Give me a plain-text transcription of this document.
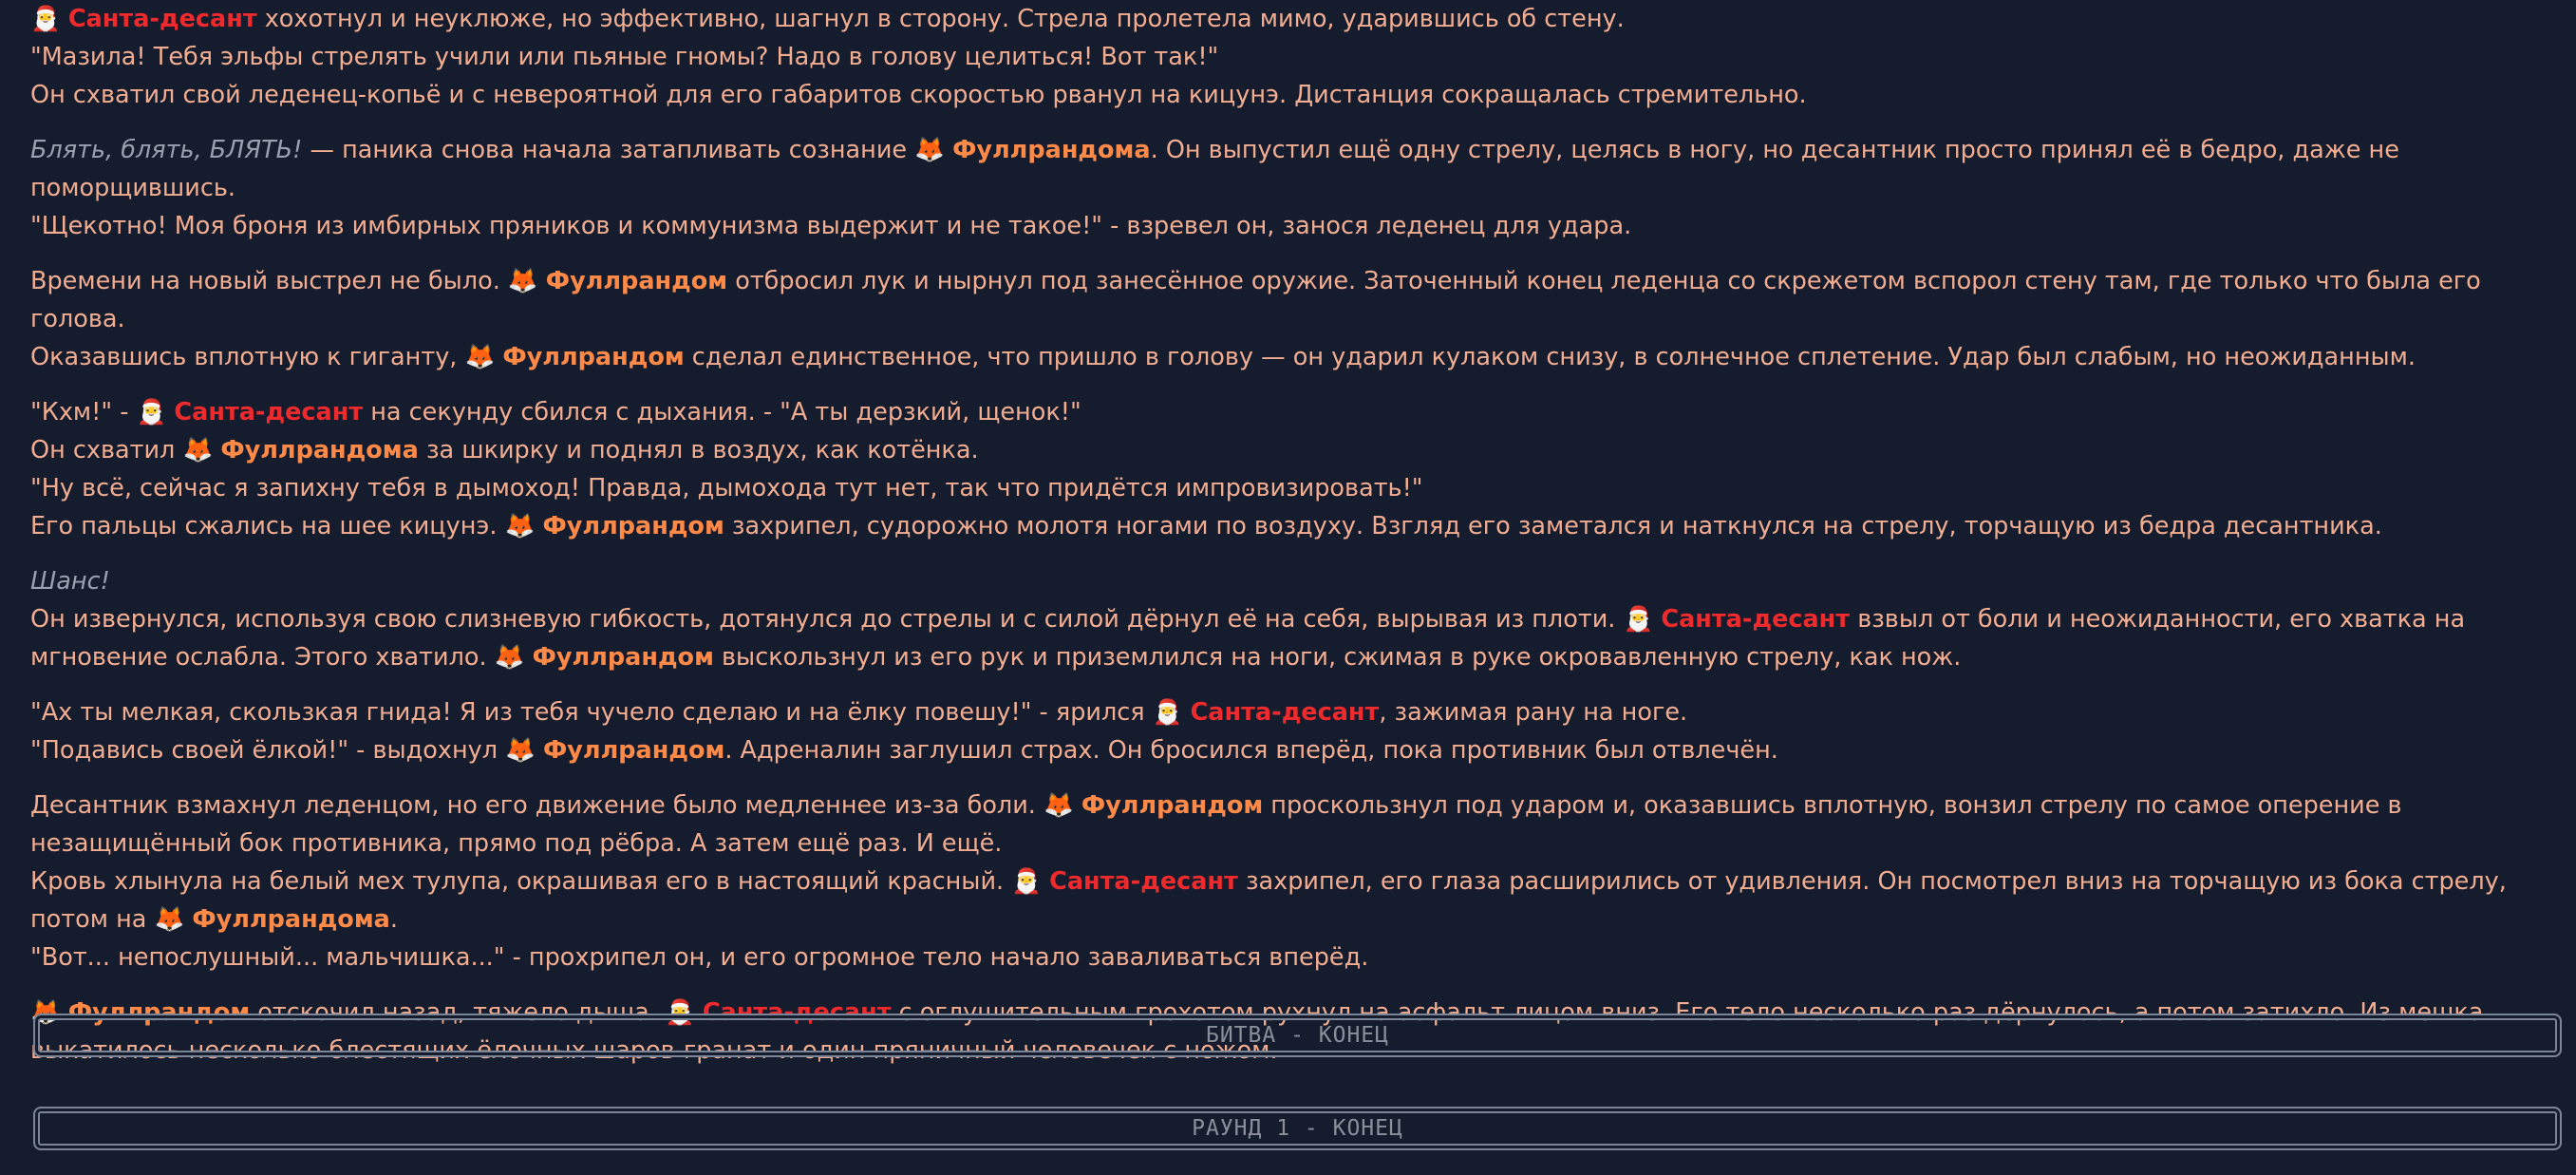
🎅 Санта-десант хохотнул и неуклюже, но эффективно, шагнул в сторону. Стрела пролетела мимо, ударившись об стену.
"Мазила! Тебя эльфы стрелять учили или пьяные гномы? Надо в голову целиться! Вот так!"
Он схватил свой леденец-копьё и с невероятной для его габаритов скоростью рванул на кицунэ. Дистанция сокращалась стремительно.
Блять, блять, БЛЯТЬ! — паника снова начала затапливать сознание 🦊 Фуллрандома. Он выпустил ещё одну стрелу, целясь в ногу, но десантник просто принял её в бедро, даже не поморщившись.
"Щекотно! Моя броня из имбирных пряников и коммунизма выдержит и не такое!" - взревел он, занося леденец для удара.
Времени на новый выстрел не было. 🦊 Фуллрандом отбросил лук и нырнул под занесённое оружие. Заточенный конец леденца со скрежетом вспорол стену там, где только что была его голова.
Оказавшись вплотную к гиганту, 🦊 Фуллрандом сделал единственное, что пришло в голову — он ударил кулаком снизу, в солнечное сплетение. Удар был слабым, но неожиданным.
"Кхм!" - 🎅 Санта-десант на секунду сбился с дыхания. - "А ты дерзкий, щенок!"
Он схватил 🦊 Фуллрандома за шкирку и поднял в воздух, как котёнка.
"Ну всё, сейчас я запихну тебя в дымоход! Правда, дымохода тут нет, так что придётся импровизировать!"
Его пальцы сжались на шее кицунэ. 🦊 Фуллрандом захрипел, судорожно молотя ногами по воздуху. Взгляд его заметался и наткнулся на стрелу, торчащую из бедра десантника.
Шанс!
Он извернулся, используя свою слизневую гибкость, дотянулся до стрелы и с силой дёрнул её на себя, вырывая из плоти. 🎅 Санта-десант взвыл от боли и неожиданности, его хватка на мгновение ослабла. Этого хватило. 🦊 Фуллрандом выскользнул из его рук и приземлился на ноги, сжимая в руке окровавленную стрелу, как нож.
"Ах ты мелкая, скользкая гнида! Я из тебя чучело сделаю и на ёлку повешу!" - ярился 🎅 Санта-десант, зажимая рану на ноге.
"Подавись своей ёлкой!" - выдохнул 🦊 Фуллрандом. Адреналин заглушил страх. Он бросился вперёд, пока противник был отвлечён.
Десантник взмахнул леденцом, но его движение было медленнее из-за боли. 🦊 Фуллрандом проскользнул под ударом и, оказавшись вплотную, вонзил стрелу по самое оперение в незащищённый бок противника, прямо под рёбра. А затем ещё раз. И ещё.
Кровь хлынула на белый мех тулупа, окрашивая его в настоящий красный. 🎅 Санта-десант захрипел, его глаза расширились от удивления. Он посмотрел вниз на торчащую из бока стрелу, потом на 🦊 Фуллрандома.
"Вот... непослушный... мальчишка..." - прохрипел он, и его огромное тело начало заваливаться вперёд.
🦊 Фуллрандом отскочил назад, тяжело дыша. 🎅 Санта-десант с оглушительным грохотом рухнул на асфальт лицом вниз. Его тело несколько раз дёрнулось, а потом затихло. Из мешка выкатилось несколько блестящих ёлочных шаров-гранат и один пряничный человечек с ножом.
БИТВА - КОНЕЦ
РАУНД 1 - КОНЕЦ
